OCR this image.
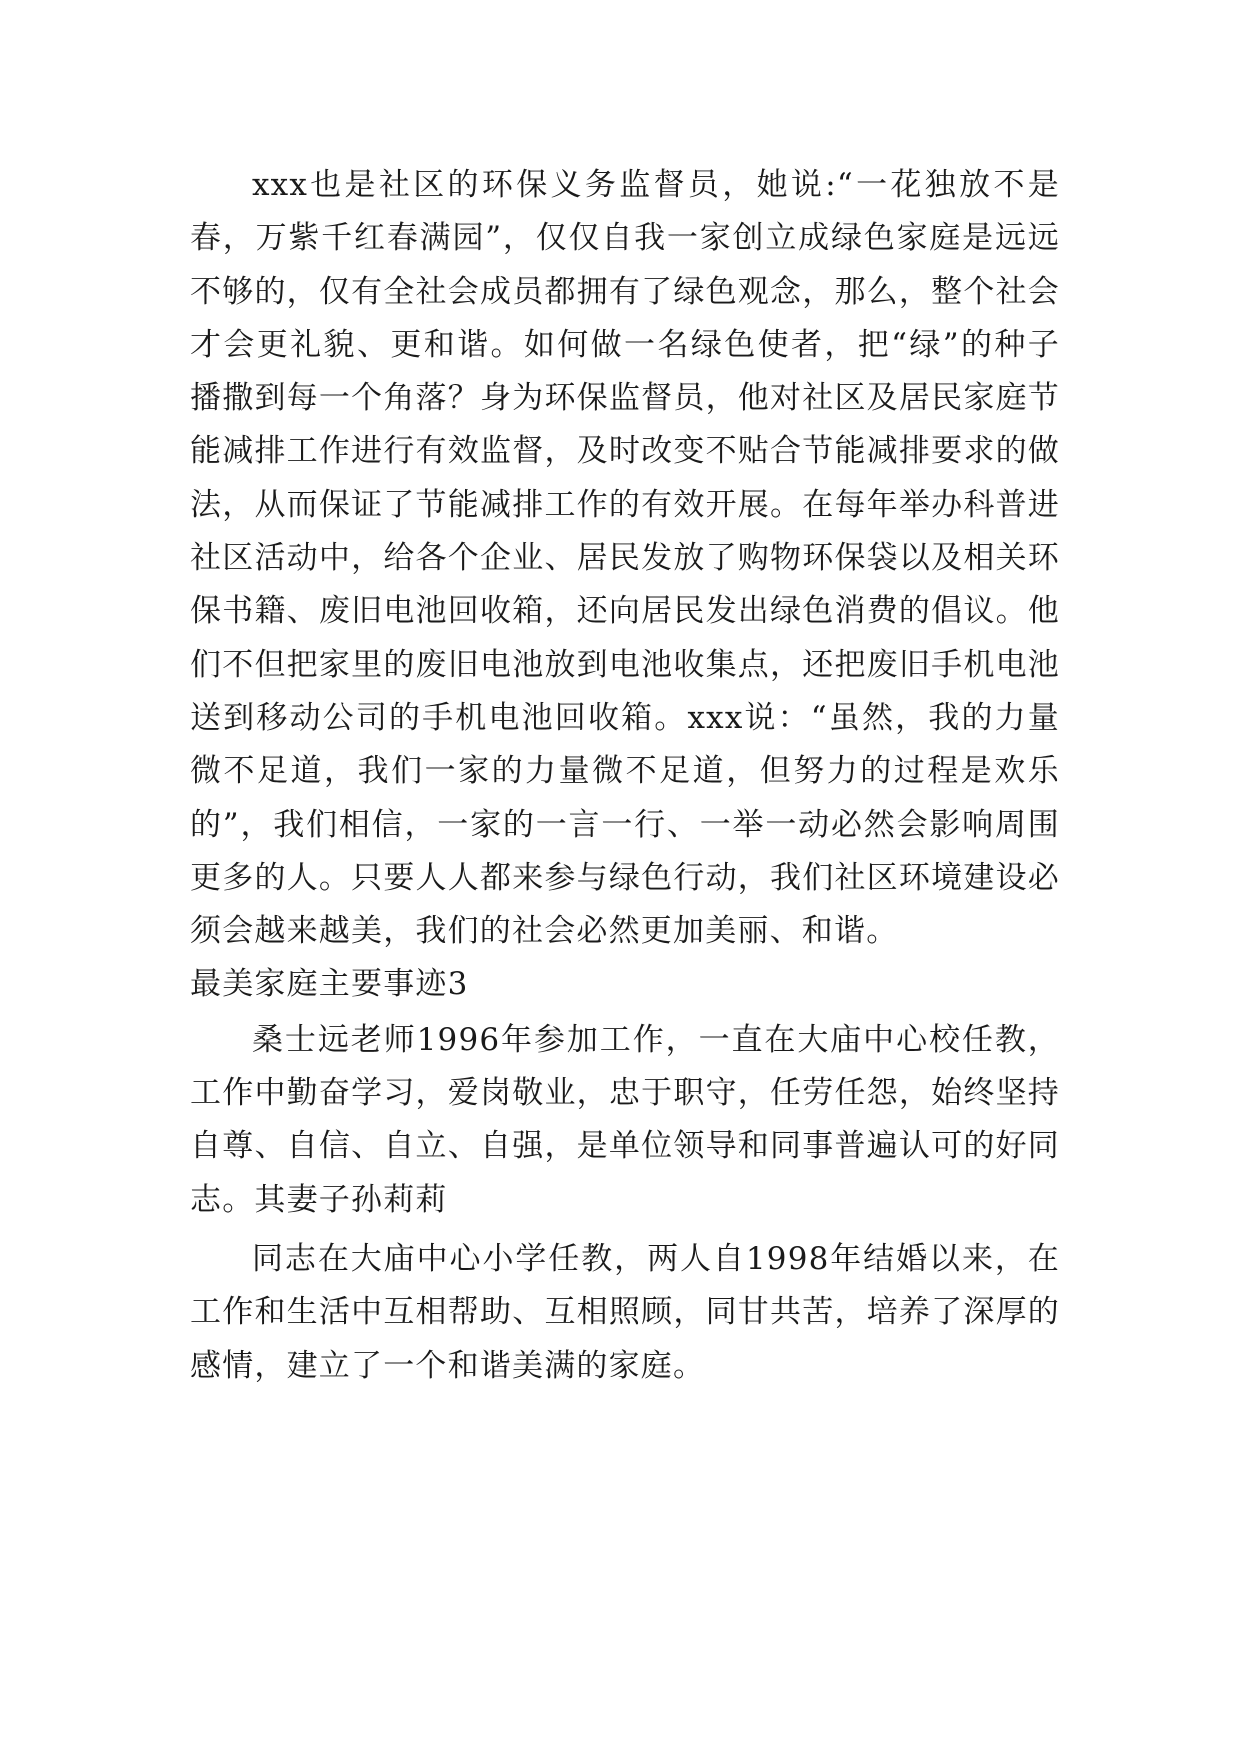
xxx也是社区的环保义务监督员，她说:“一花独放不是春，万紫千红春满园”，仅仅自我一家创立成绿色家庭是远远不够的，仅有全社会成员都拥有了绿色观念，那么，整个社会才会更礼貌、更和谐。如何做一名绿色使者，把“绿”的种子播撒到每一个角落？身为环保监督员，他对社区及居民家庭节能减排工作进行有效监督，及时改变不贴合节能减排要求的做法，从而保证了节能减排工作的有效开展。在每年举办科普进社区活动中，给各个企业、居民发放了购物环保袋以及相关环保书籍、废旧电池回收箱，还向居民发出绿色消费的倡议。他们不但把家里的废旧电池放到电池收集点，还把废旧手机电池送到移动公司的手机电池回收箱。xxx说：“虽然，我的力量微不足道，我们一家的力量微不足道，但努力的过程是欢乐的”，我们相信，一家的一言一行、一举一动必然会影响周围更多的人。只要人人都来参与绿色行动，我们社区环境建设必须会越来越美，我们的社会必然更加美丽、和谐。

最美家庭主要事迹3

桑士远老师1996年参加工作，一直在大庙中心校任教，工作中勤奋学习，爱岗敬业，忠于职守，任劳任怨，始终坚持自尊、自信、自立、自强，是单位领导和同事普遍认可的好同志。其妻子孙莉莉

同志在大庙中心小学任教，两人自1998年结婚以来，在工作和生活中互相帮助、互相照顾，同甘共苦，培养了深厚的感情，建立了一个和谐美满的家庭。
